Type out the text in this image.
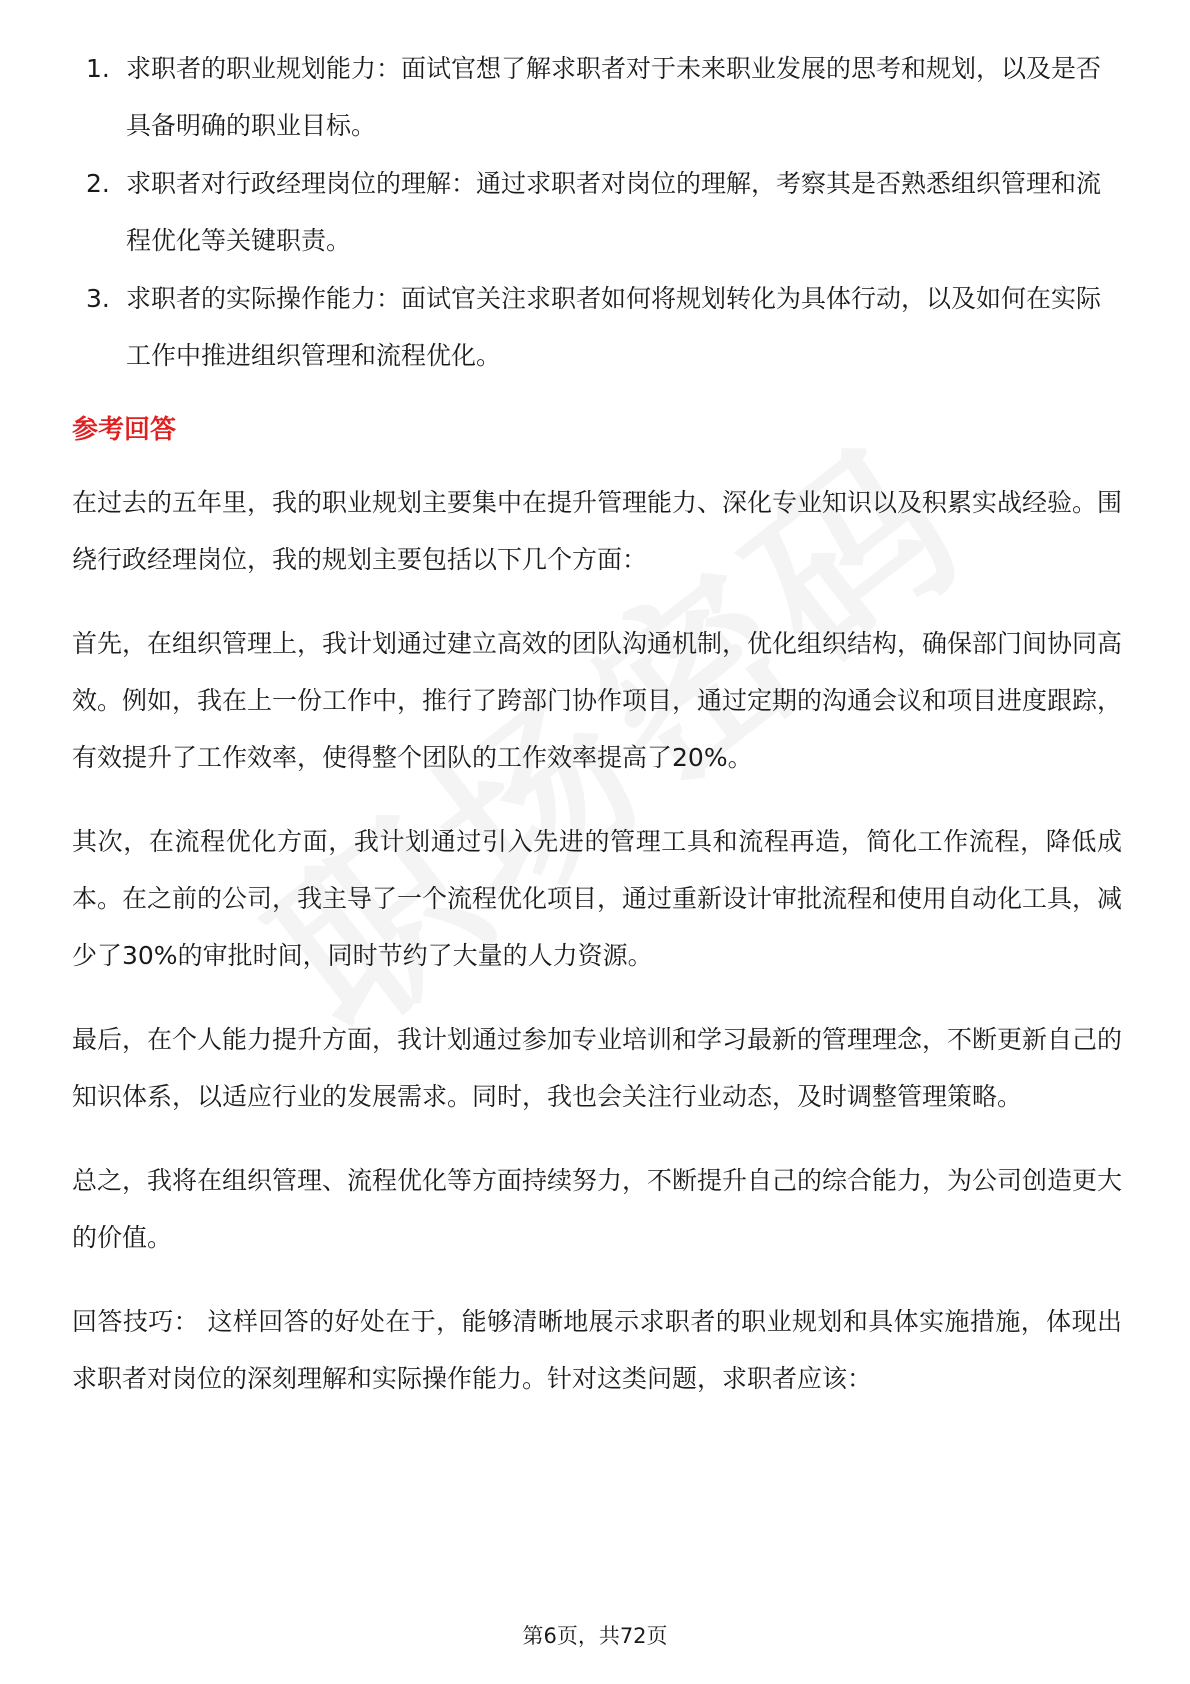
1. 求职者的职业规划能力：面试官想了解求职者对于未来职业发展的思考和规划，以及是否具备明确的职业目标。
2. 求职者对行政经理岗位的理解：通过求职者对岗位的理解，考察其是否熟悉组织管理和流程优化等关键职责。
3. 求职者的实际操作能力：面试官关注求职者如何将规划转化为具体行动，以及如何在实际工作中推进组织管理和流程优化。
参考回答

在过去的五年里，我的职业规划主要集中在提升管理能力、深化专业知识以及积累实战经验。围绕行政经理岗位，我的规划主要包括以下几个方面：

首先，在组织管理上，我计划通过建立高效的团队沟通机制，优化组织结构，确保部门间协同高效。例如，我在上一份工作中，推行了跨部门协作项目，通过定期的沟通会议和项目进度跟踪，有效提升了工作效率，使得整个团队的工作效率提高了20%。

其次，在流程优化方面，我计划通过引入先进的管理工具和流程再造，简化工作流程，降低成本。在之前的公司，我主导了一个流程优化项目，通过重新设计审批流程和使用自动化工具，减少了30%的审批时间，同时节约了大量的人力资源。

最后，在个人能力提升方面，我计划通过参加专业培训和学习最新的管理理念，不断更新自己的知识体系，以适应行业的发展需求。同时，我也会关注行业动态，及时调整管理策略。

总之，我将在组织管理、流程优化等方面持续努力，不断提升自己的综合能力，为公司创造更大的价值。

回答技巧： 这样回答的好处在于，能够清晰地展示求职者的职业规划和具体实施措施，体现出求职者对岗位的深刻理解和实际操作能力。针对这类问题，求职者应该：

第6页，共72页
